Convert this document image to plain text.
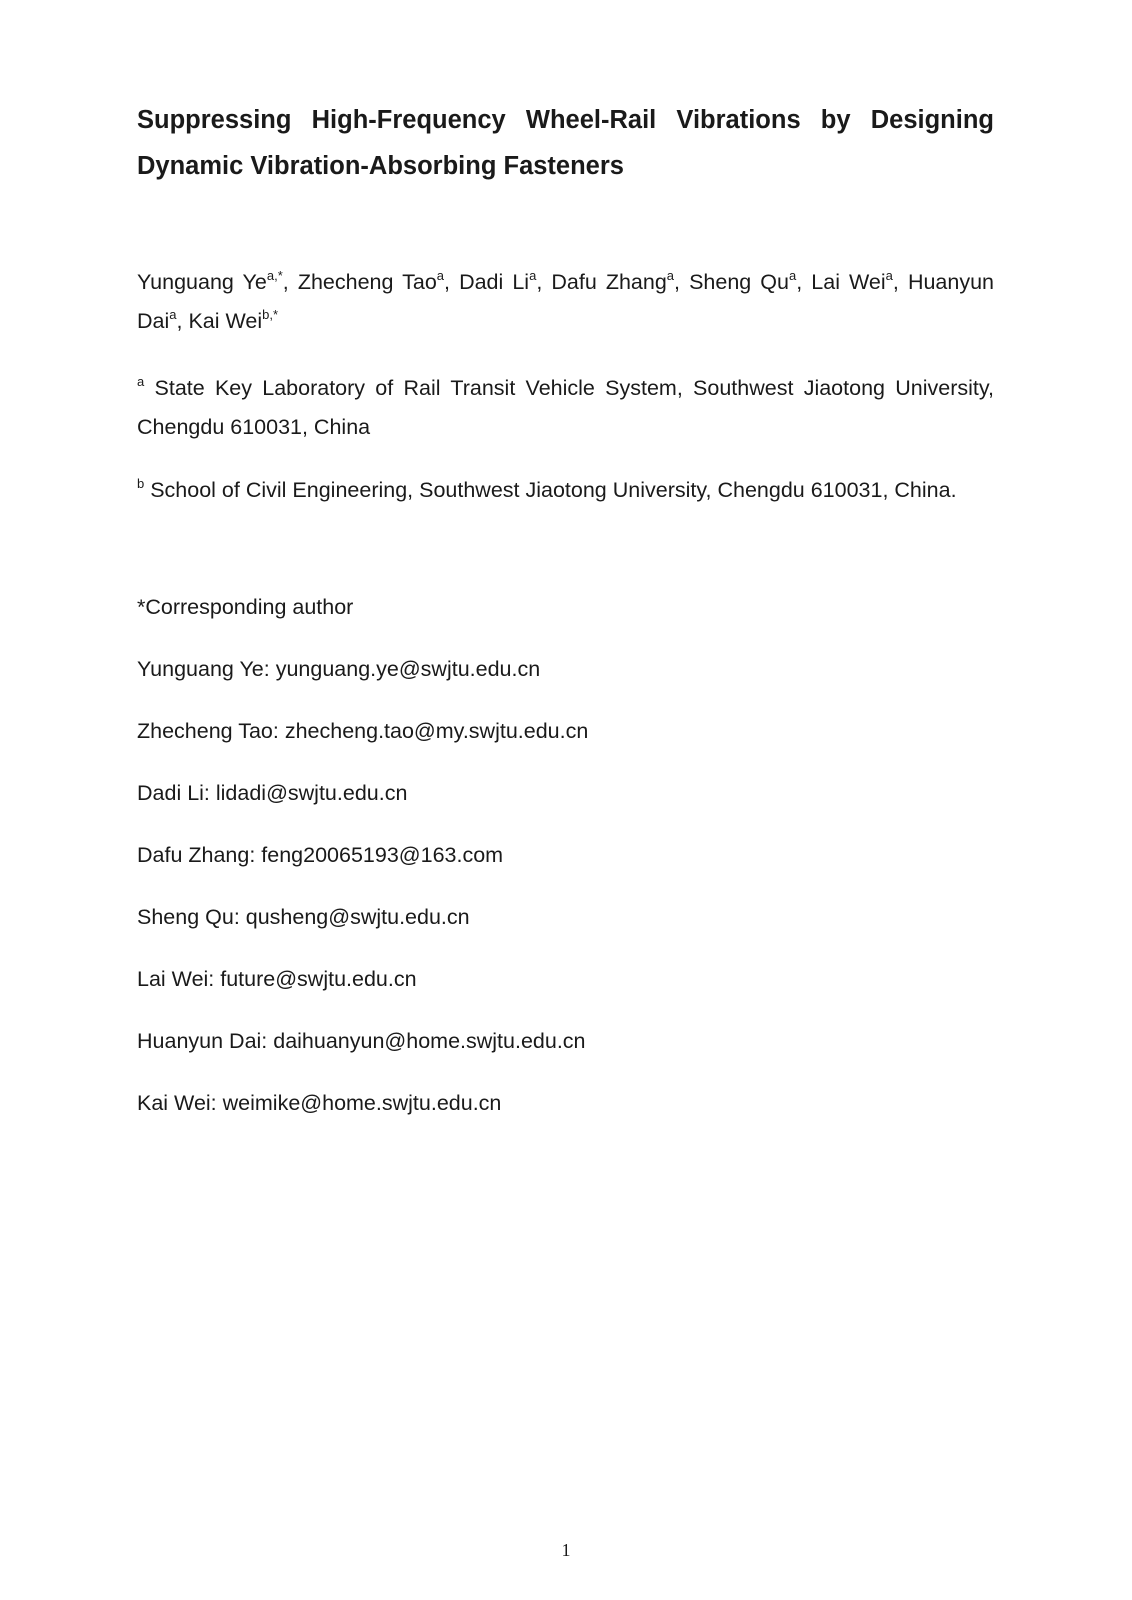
Suppressing High-Frequency Wheel-Rail Vibrations by Designing Dynamic Vibration-Absorbing Fasteners

Yunguang $Ye^{a,*}$, Zhecheng Tao$^a$, Dadi Li$^a$, Dafu Zhang$^a$, Sheng Qu$^a$, Lai Wei$^a$, Huanyun Dai$^a$, Kai Wei$^{b,*}$

$^a$ State Key Laboratory of Rail Transit Vehicle System, Southwest Jiaotong University, Chengdu 610031, China

$^b$ School of Civil Engineering, Southwest Jiaotong University, Chengdu 610031, China.

*Corresponding author
Yunguang Ye: yunguang.ye@swjtu.edu.cn
Zhecheng Tao: zhecheng.tao@my.swjtu.edu.cn
Dadi Li: lidadi@swjtu.edu.cn
Dafu Zhang: feng20065193@163.com
Sheng Qu: qusheng@swjtu.edu.cn
Lai Wei: future@swjtu.edu.cn
Huanyun Dai: daihuanyun@home.swjtu.edu.cn
Kai Wei: weimike@home.swjtu.edu.cn
1
